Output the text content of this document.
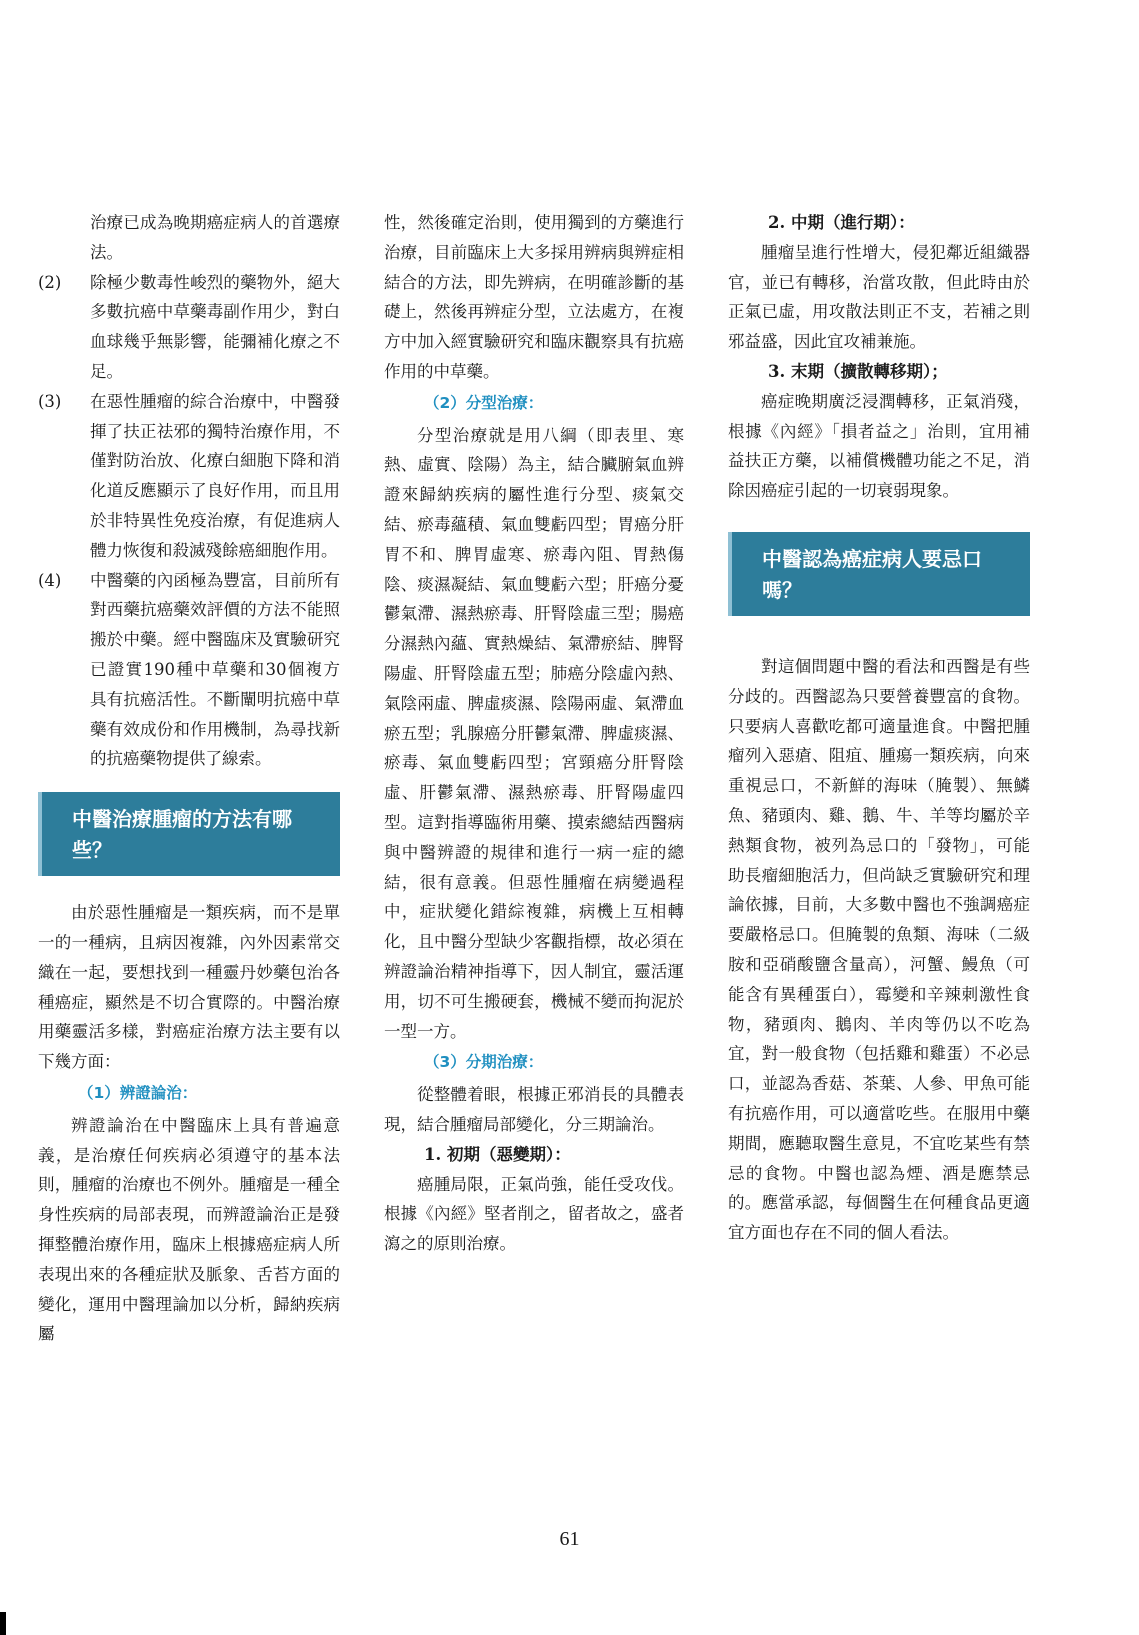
治療已成為晚期癌症病人的首選療法。
(2)	除極少數毒性峻烈的藥物外，絕大多數抗癌中草藥毒副作用少，對白血球幾乎無影響，能彌補化療之不足。
(3)	在惡性腫瘤的綜合治療中，中醫發揮了扶正祛邪的獨特治療作用，不僅對防治放、化療白細胞下降和消化道反應顯示了良好作用，而且用於非特異性免疫治療，有促進病人體力恢復和殺滅殘餘癌細胞作用。
(4)	中醫藥的內函極為豐富，目前所有對西藥抗癌藥效評價的方法不能照搬於中藥。經中醫臨床及實驗研究已證實190種中草藥和30個複方具有抗癌活性。不斷闡明抗癌中草藥有效成份和作用機制，為尋找新的抗癌藥物提供了線索。
中醫治療腫瘤的方法有哪些？

由於惡性腫瘤是一類疾病，而不是單一的一種病，且病因複雜，內外因素常交織在一起，要想找到一種靈丹妙藥包治各種癌症，顯然是不切合實際的。中醫治療用藥靈活多樣，對癌症治療方法主要有以下幾方面：

（1）辨證論治：

辨證論治在中醫臨床上具有普遍意義，是治療任何疾病必須遵守的基本法則，腫瘤的治療也不例外。腫瘤是一種全身性疾病的局部表現，而辨證論治正是發揮整體治療作用，臨床上根據癌症病人所表現出來的各種症狀及脈象、舌苔方面的變化，運用中醫理論加以分析，歸納疾病屬

性，然後確定治則，使用獨到的方藥進行治療，目前臨床上大多採用辨病與辨症相結合的方法，即先辨病，在明確診斷的基礎上，然後再辨症分型，立法處方，在複方中加入經實驗研究和臨床觀察具有抗癌作用的中草藥。

（2）分型治療：

分型治療就是用八綱（即表里、寒熱、虛實、陰陽）為主，結合臟腑氣血辨證來歸納疾病的屬性進行分型、痰氣交結、瘀毒蘊積、氣血雙虧四型；胃癌分肝胃不和、脾胃虛寒、瘀毒內阻、胃熱傷陰、痰濕凝結、氣血雙虧六型；肝癌分憂鬱氣滯、濕熱瘀毒、肝腎陰虛三型；腸癌分濕熱內蘊、實熱燥結、氣滯瘀結、脾腎陽虛、肝腎陰虛五型；肺癌分陰虛內熱、氣陰兩虛、脾虛痰濕、陰陽兩虛、氣滯血瘀五型；乳腺癌分肝鬱氣滯、脾虛痰濕、瘀毒、氣血雙虧四型；宮頸癌分肝腎陰虛、肝鬱氣滯、濕熱瘀毒、肝腎陽虛四型。這對指導臨術用藥、摸索總結西醫病與中醫辨證的規律和進行一病一症的總結，很有意義。但惡性腫瘤在病變過程中，症狀變化錯綜複雜，病機上互相轉化，且中醫分型缺少客觀指標，故必須在辨證論治精神指導下，因人制宜，靈活運用，切不可生搬硬套，機械不變而拘泥於一型一方。

（3）分期治療：

從整體着眼，根據正邪消長的具體表現，結合腫瘤局部變化，分三期論治。

1. 初期（惡變期）：

癌腫局限，正氣尚強，能任受攻伐。根據《內經》堅者削之，留者故之，盛者瀉之的原則治療。

2. 中期（進行期）：

腫瘤呈進行性增大，侵犯鄰近組織器官，並已有轉移，治當攻散，但此時由於正氣已虛，用攻散法則正不支，若補之則邪益盛，因此宜攻補兼施。

3. 末期（擴散轉移期）；

癌症晚期廣泛浸潤轉移，正氣消殘，根據《內經》「損者益之」治則，宜用補益扶正方藥，以補償機體功能之不足，消除因癌症引起的一切衰弱現象。

中醫認為癌症病人要忌口嗎？

對這個問題中醫的看法和西醫是有些分歧的。西醫認為只要營養豐富的食物。只要病人喜歡吃都可適量進食。中醫把腫瘤列入惡瘡、阻疽、腫瘍一類疾病，向來重視忌口，不新鮮的海味（腌製）、無鱗魚、豬頭肉、雞、鵝、牛、羊等均屬於辛熱類食物，被列為忌口的「發物」，可能助長瘤細胞活力，但尚缺乏實驗研究和理論依據，目前，大多數中醫也不強調癌症要嚴格忌口。但腌製的魚類、海味（二級胺和亞硝酸鹽含量高），河蟹、鰻魚（可能含有異種蛋白），霉變和辛辣刺激性食物，豬頭肉、鵝肉、羊肉等仍以不吃為宜，對一般食物（包括雞和雞蛋）不必忌口，並認為香菇、茶葉、人參、甲魚可能有抗癌作用，可以適當吃些。在服用中藥期間，應聽取醫生意見，不宜吃某些有禁忌的食物。中醫也認為煙、酒是應禁忌的。應當承認，每個醫生在何種食品更適宜方面也存在不同的個人看法。

61
